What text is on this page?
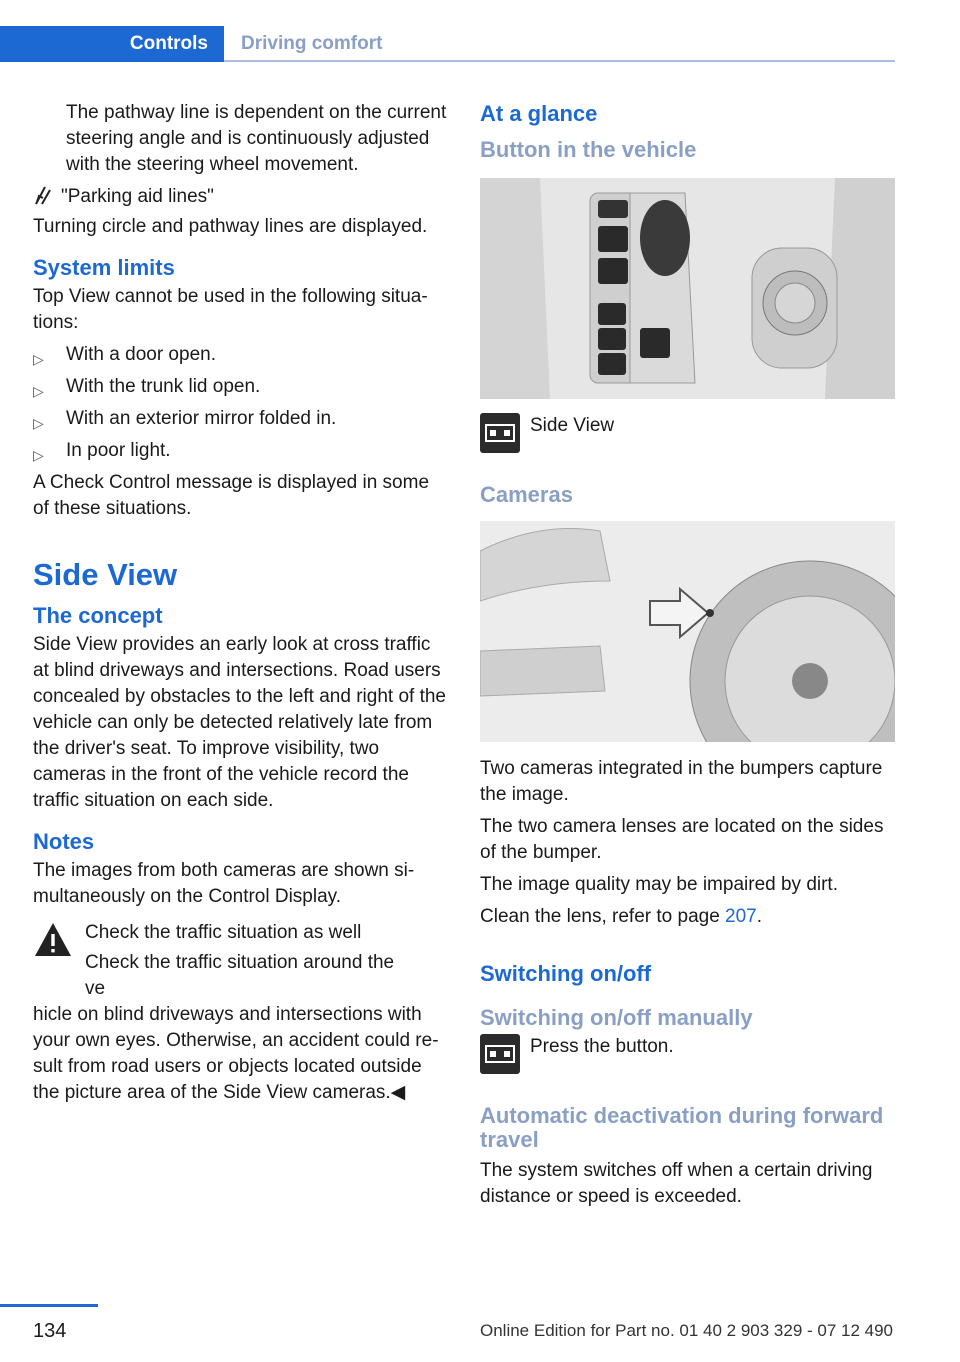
Controls	Driving comfort

The pathway line is dependent on the current steering angle and is continuously adjusted with the steering wheel movement.

"Parking aid lines"

Turning circle and pathway lines are displayed.

System limits

Top View cannot be used in the following situations:

▷ With a door open.
▷ With the trunk lid open.
▷ With an exterior mirror folded in.
▷ In poor light.

A Check Control message is displayed in some of these situations.

Side View
The concept

Side View provides an early look at cross traffic at blind driveways and intersections. Road users concealed by obstacles to the left and right of the vehicle can only be detected relatively late from the driver's seat. To improve visibility, two cameras in the front of the vehicle record the traffic situation on each side.

Notes

The images from both cameras are shown simultaneously on the Control Display.

Check the traffic situation as well

Check the traffic situation around the ve

hicle on blind driveways and intersections with your own eyes. Otherwise, an accident could result from road users or objects located outside the picture area of the Side View cameras.◀

At a glance
Button in the vehicle
Side View
Cameras

Two cameras integrated in the bumpers capture the image.

The two camera lenses are located on the sides of the bumper.

The image quality may be impaired by dirt.

Clean the lens, refer to page 207.

Switching on/off
Switching on/off manually
Press the button.
Automatic deactivation during forward travel

The system switches off when a certain driving distance or speed is exceeded.

134	Online Edition for Part no. 01 40 2 903 329 - 07 12 490
